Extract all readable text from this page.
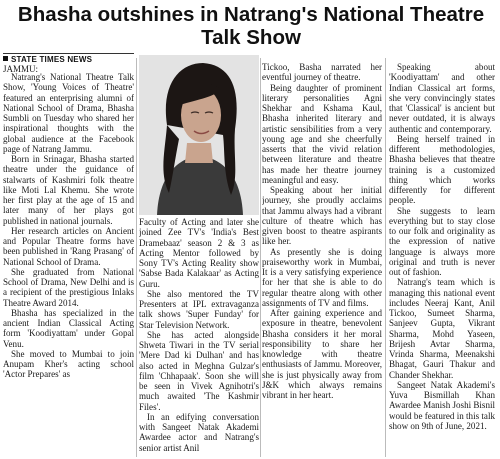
Bhasha outshines in Natrang's National Theatre Talk Show
STATE TIMES NEWS
JAMMU:

Natrang's National Theatre Talk Show, 'Young Voices of Theatre' featured an enterprising alumni of National School of Drama, Bhasha Sumbli on Tuesday who shared her inspirational thoughts with the global audience at the Facebook page of Natrang Jammu.

Born in Srinagar, Bhasha started theatre under the guidance of stalwarts of Kashmiri folk theatre like Moti Lal Khemu. She wrote her first play at the age of 15 and later many of her plays got published in national journals.

Her research articles on Ancient and Popular Theatre forms have been published in 'Rang Prasang' of National School of Drama.

She graduated from National School of Drama, New Delhi and is a recipient of the prestigious Inlaks Theatre Award 2014.

Bhasha has specialized in the ancient Indian Classical Acting form 'Koodiyattam' under Gopal Venu.

She moved to Mumbai to join Anupam Kher's acting school 'Actor Prepares' as

Faculty of Acting and later she joined Zee TV's 'India's Best Dramebaaz' season 2 & 3 as Acting Mentor followed by Sony TV's Acting Reality show 'Sabse Bada Kalakaar' as Acting Guru.

She also mentored the TV Presenters at IPL extravaganza talk shows 'Super Funday' for Star Television Network.

She has acted alongside Shweta Tiwari in the TV serial 'Mere Dad ki Dulhan' and has also acted in Meghna Gulzar's film 'Chhapaak'. Soon she will be seen in Vivek Agnihotri's much awaited 'The Kashmir Files'.

In an edifying conversation with Sangeet Natak Akademi Awardee actor and Natrang's senior artist Anil

Tickoo, Basha narrated her eventful journey of theatre.

Being daughter of prominent literary personalities Agni Shekhar and Kshama Kaul, Bhasha inherited literary and artistic sensibilities from a very young age and she cheerfully asserts that the vivid relation between literature and theatre has made her theatre journey meaningful and easy.

Speaking about her initial journey, she proudly acclaims that Jammu always had a vibrant culture of theatre which has given boost to theatre aspirants like her.

As presently she is doing praiseworthy work in Mumbai, It is a very satisfying experience for her that she is able to do regular theatre along with other assignments of TV and films.

After gaining experience and exposure in theatre, benevolent Bhasha considers it her moral responsibility to share her knowledge with theatre enthusiasts of Jammu. Moreover, she is just physically away from J&K which always remains vibrant in her heart.

Speaking about 'Koodiyattam' and other Indian Classical art forms, she very convincingly states that 'Classical' is ancient but never outdated, it is always authentic and contemporary.

Being herself trained in different methodologies, Bhasha believes that theatre training is a customized thing which works differently for different people.

She suggests to learn everything but to stay close to our folk and originality as the expression of native language is always more original and truth is never out of fashion.

Natrang's team which is managing this national event includes Neeraj Kant, Anil Tickoo, Sumeet Sharma, Sanjeev Gupta, Vikrant Sharma, Mohd Yaseen, Brijesh Avtar Sharma, Vrinda Sharma, Meenakshi Bhagat, Gauri Thakur and Chander Shekhar.

Sangeet Natak Akademi's Yuva Bismillah Khan Awardee Manish Joshi Bisnil would be featured in this talk show on 9th of June, 2021.
